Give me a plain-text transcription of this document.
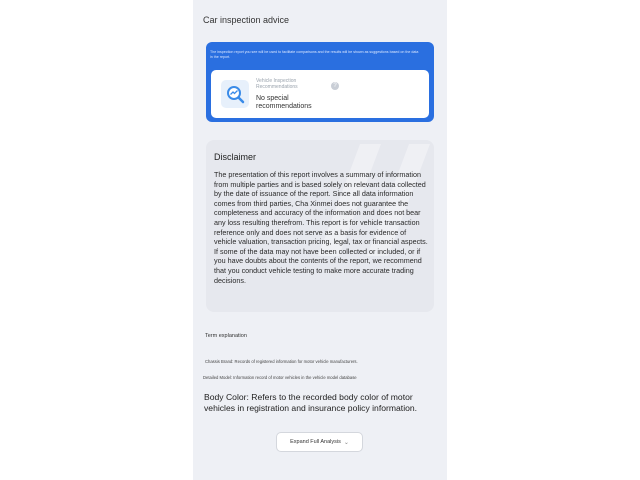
Car inspection advice
The inspection report you see will be used to facilitate comparisons and the results will be shown as suggestions based on the data in the report.
Vehicle Inspection Recommendations	?
No special recommendations
Disclaimer
The presentation of this report involves a summary of information from multiple parties and is based solely on relevant data collected by the date of issuance of the report. Since all data information comes from third parties, Cha Xinmei does not guarantee the completeness and accuracy of the information and does not bear any loss resulting therefrom. This report is for vehicle transaction reference only and does not serve as a basis for evidence of vehicle valuation, transaction pricing, legal, tax or financial aspects. If some of the data may not have been collected or included, or if you have doubts about the contents of the report, we recommend that you conduct vehicle testing to make more accurate trading decisions.
Term explanation
Chassis Brand: Records of registered information for motor vehicle manufacturers.
Detailed Model: Information record of motor vehicles in the vehicle model database
Body Color: Refers to the recorded body color of motor vehicles in registration and insurance policy information.
Expand Full Analysis ⌄
